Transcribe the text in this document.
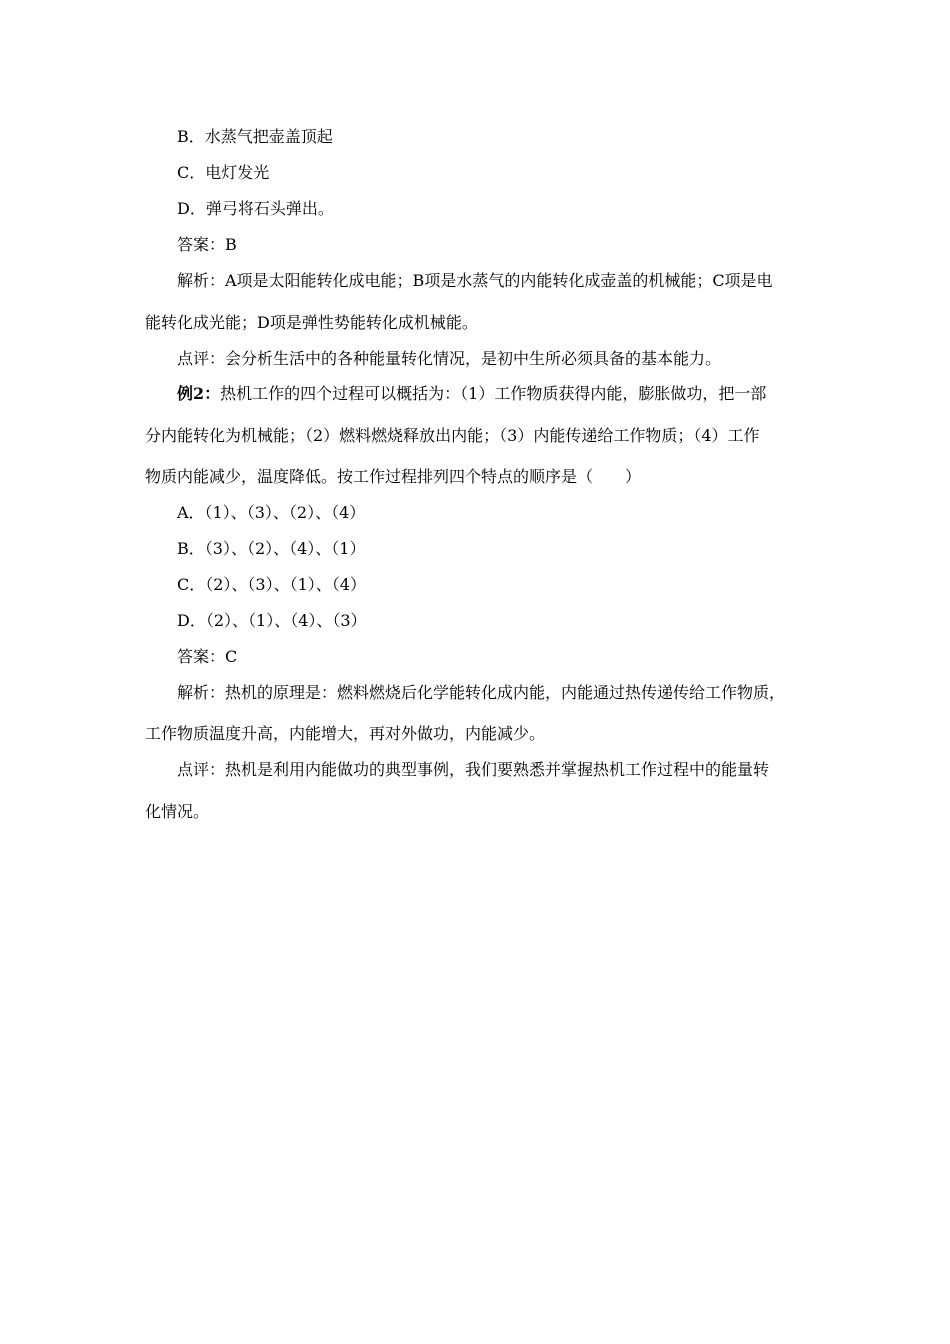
B．水蒸气把壶盖顶起
C．电灯发光
D．弹弓将石头弹出。
答案：B
解析：A项是太阳能转化成电能；B项是水蒸气的内能转化成壶盖的机械能；C项是电
能转化成光能；D项是弹性势能转化成机械能。
点评：会分析生活中的各种能量转化情况，是初中生所必须具备的基本能力。
例2：热机工作的四个过程可以概括为：（1）工作物质获得内能，膨胀做功，把一部
分内能转化为机械能；（2）燃料燃烧释放出内能；（3）内能传递给工作物质；（4）工作
物质内能减少，温度降低。按工作过程排列四个特点的顺序是（　　）
A．（1）、（3）、（2）、（4）
B．（3）、（2）、（4）、（1）
C．（2）、（3）、（1）、（4）
D．（2）、（1）、（4）、（3）
答案：C
解析：热机的原理是：燃料燃烧后化学能转化成内能，内能通过热传递传给工作物质，
工作物质温度升高，内能增大，再对外做功，内能减少。
点评：热机是利用内能做功的典型事例，我们要熟悉并掌握热机工作过程中的能量转
化情况。
